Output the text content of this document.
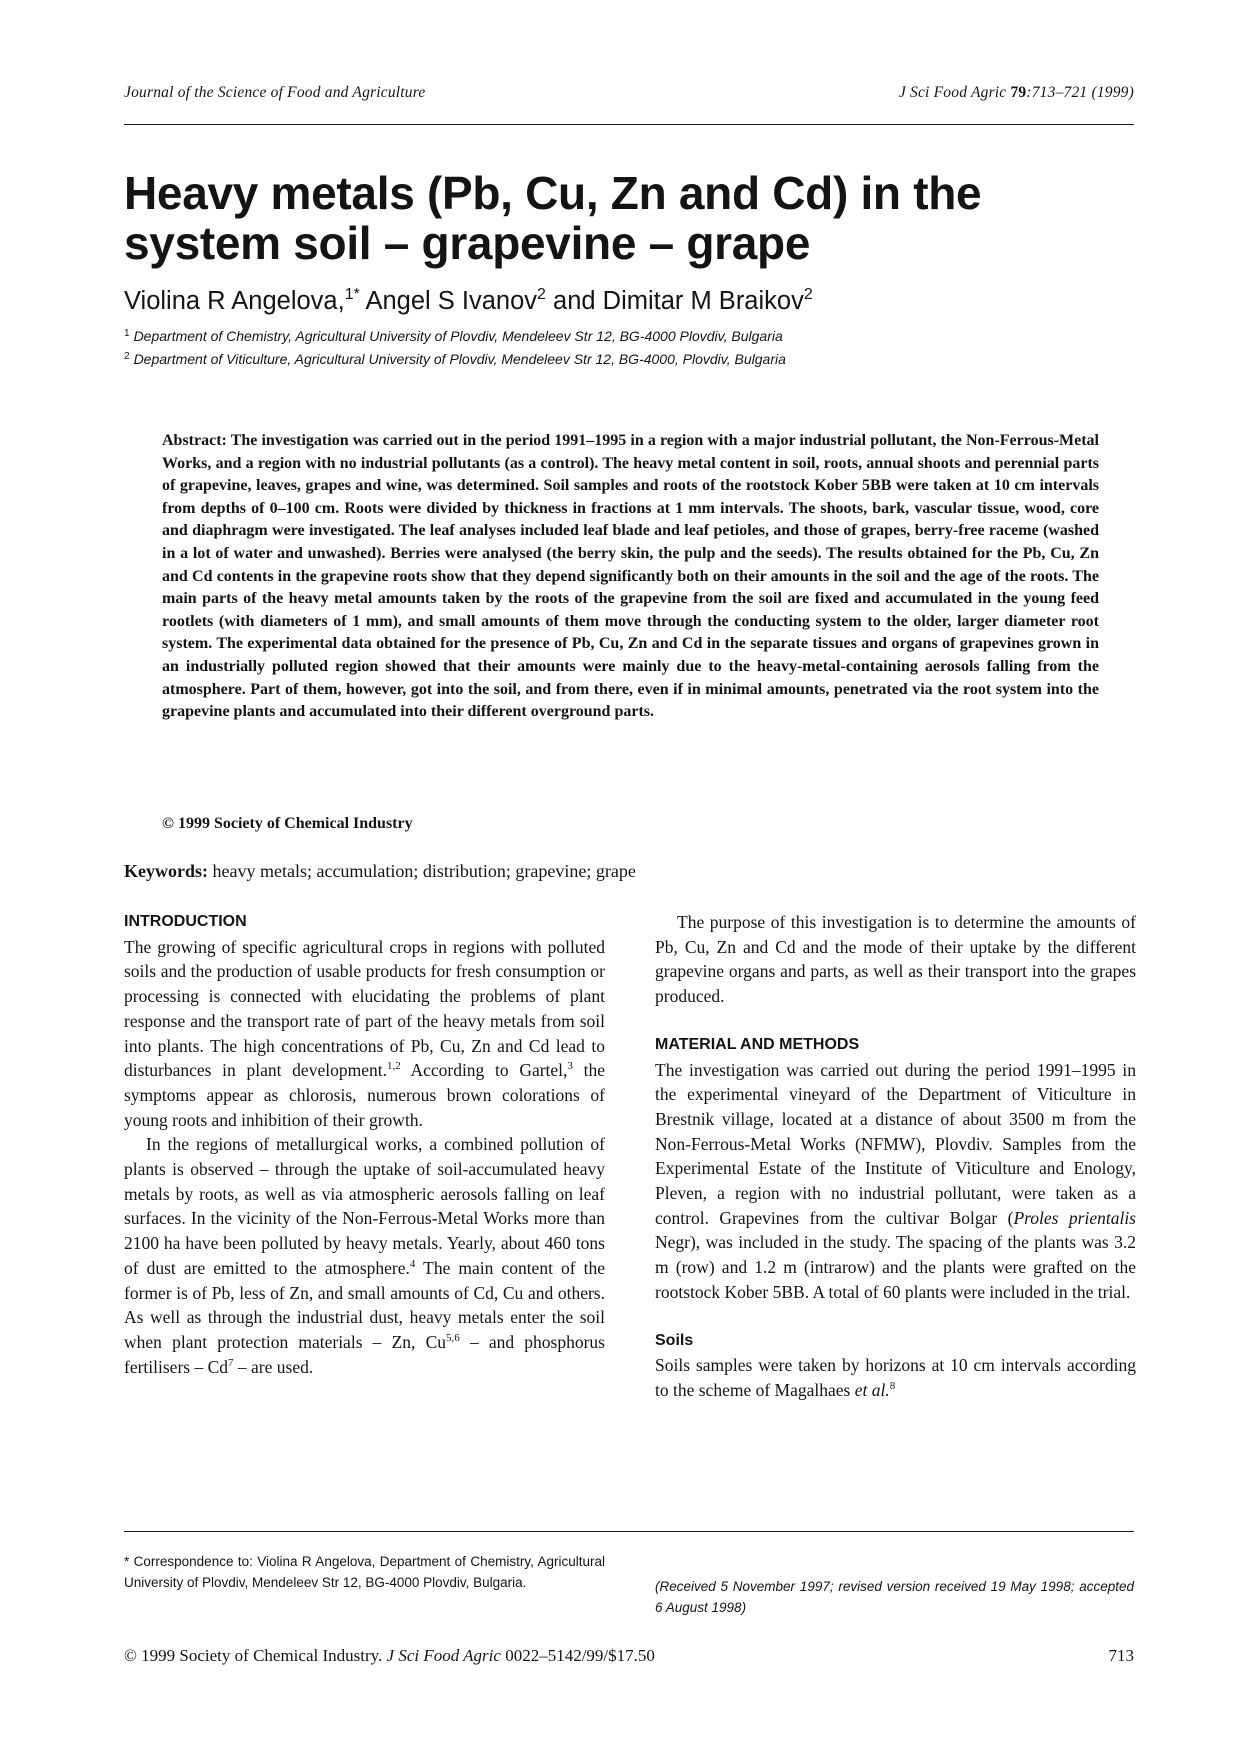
Journal of the Science of Food and Agriculture	J Sci Food Agric 79:713–721 (1999)
Heavy metals (Pb, Cu, Zn and Cd) in the system soil – grapevine – grape
Violina R Angelova,$^{1*}$ Angel S Ivanov$^2$ and Dimitar M Braikov$^2$
$^1$ Department of Chemistry, Agricultural University of Plovdiv, Mendeleev Str 12, BG-4000 Plovdiv, Bulgaria
$^2$ Department of Viticulture, Agricultural University of Plovdiv, Mendeleev Str 12, BG-4000, Plovdiv, Bulgaria

Abstract: The investigation was carried out in the period 1991–1995 in a region with a major industrial pollutant, the Non-Ferrous-Metal Works, and a region with no industrial pollutants (as a control). The heavy metal content in soil, roots, annual shoots and perennial parts of grapevine, leaves, grapes and wine, was determined. Soil samples and roots of the rootstock Kober 5BB were taken at 10 cm intervals from depths of 0–100 cm. Roots were divided by thickness in fractions at 1 mm intervals. The shoots, bark, vascular tissue, wood, core and diaphragm were investigated. The leaf analyses included leaf blade and leaf petioles, and those of grapes, berry-free raceme (washed in a lot of water and unwashed). Berries were analysed (the berry skin, the pulp and the seeds). The results obtained for the Pb, Cu, Zn and Cd contents in the grapevine roots show that they depend significantly both on their amounts in the soil and the age of the roots. The main parts of the heavy metal amounts taken by the roots of the grapevine from the soil are fixed and accumulated in the young feed rootlets (with diameters of 1 mm), and small amounts of them move through the conducting system to the older, larger diameter root system. The experimental data obtained for the presence of Pb, Cu, Zn and Cd in the separate tissues and organs of grapevines grown in an industrially polluted region showed that their amounts were mainly due to the heavy-metal-containing aerosols falling from the atmosphere. Part of them, however, got into the soil, and from there, even if in minimal amounts, penetrated via the root system into the grapevine plants and accumulated into their different overground parts.

© 1999 Society of Chemical Industry

Keywords: heavy metals; accumulation; distribution; grapevine; grape
INTRODUCTION

The growing of specific agricultural crops in regions with polluted soils and the production of usable products for fresh consumption or processing is connected with elucidating the problems of plant response and the transport rate of part of the heavy metals from soil into plants. The high concentrations of Pb, Cu, Zn and Cd lead to disturbances in plant development.$^{1,2}$ According to Gartel,$^3$ the symptoms appear as chlorosis, numerous brown colorations of young roots and inhibition of their growth.

In the regions of metallurgical works, a combined pollution of plants is observed – through the uptake of soil-accumulated heavy metals by roots, as well as via atmospheric aerosols falling on leaf surfaces. In the vicinity of the Non-Ferrous-Metal Works more than 2100 ha have been polluted by heavy metals. Yearly, about 460 tons of dust are emitted to the atmosphere.$^4$ The main content of the former is of Pb, less of Zn, and small amounts of Cd, Cu and others. As well as through the industrial dust, heavy metals enter the soil when plant protection materials – Zn, Cu$^{5,6}$ – and phosphorus fertilisers – Cd$^7$ – are used.

The purpose of this investigation is to determine the amounts of Pb, Cu, Zn and Cd and the mode of their uptake by the different grapevine organs and parts, as well as their transport into the grapes produced.

MATERIAL AND METHODS

The investigation was carried out during the period 1991–1995 in the experimental vineyard of the Department of Viticulture in Brestnik village, located at a distance of about 3500 m from the Non-Ferrous-Metal Works (NFMW), Plovdiv. Samples from the Experimental Estate of the Institute of Viticulture and Enology, Pleven, a region with no industrial pollutant, were taken as a control. Grapevines from the cultivar Bolgar (Proles prientalis Negr), was included in the study. The spacing of the plants was 3.2 m (row) and 1.2 m (intrarow) and the plants were grafted on the rootstock Kober 5BB. A total of 60 plants were included in the trial.

Soils

Soils samples were taken by horizons at 10 cm intervals according to the scheme of Magalhaes et al.$^8$

* Correspondence to: Violina R Angelova, Department of Chemistry, Agricultural University of Plovdiv, Mendeleev Str 12, BG-4000 Plovdiv, Bulgaria.	(Received 5 November 1997; revised version received 19 May 1998; accepted 6 August 1998)

© 1999 Society of Chemical Industry. J Sci Food Agric 0022–5142/99/$17.50	713
